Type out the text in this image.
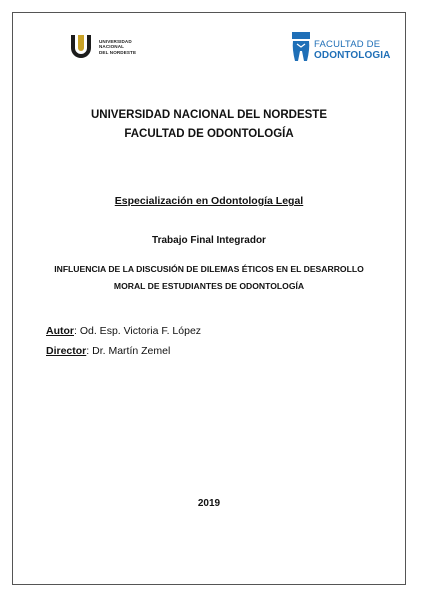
UNIVERSIDAD
NACIONAL
DEL NORDESTE
FACULTAD DE
ODONTOLOGIA
UNIVERSIDAD NACIONAL DEL NORDESTE
FACULTAD DE ODONTOLOGÍA
Especialización en Odontología Legal
Trabajo Final Integrador
INFLUENCIA DE LA DISCUSIÓN DE DILEMAS ÉTICOS EN EL DESARROLLO
MORAL DE ESTUDIANTES DE ODONTOLOGÍA
Autor: Od. Esp. Victoria F. López
Director: Dr. Martín Zemel
2019
